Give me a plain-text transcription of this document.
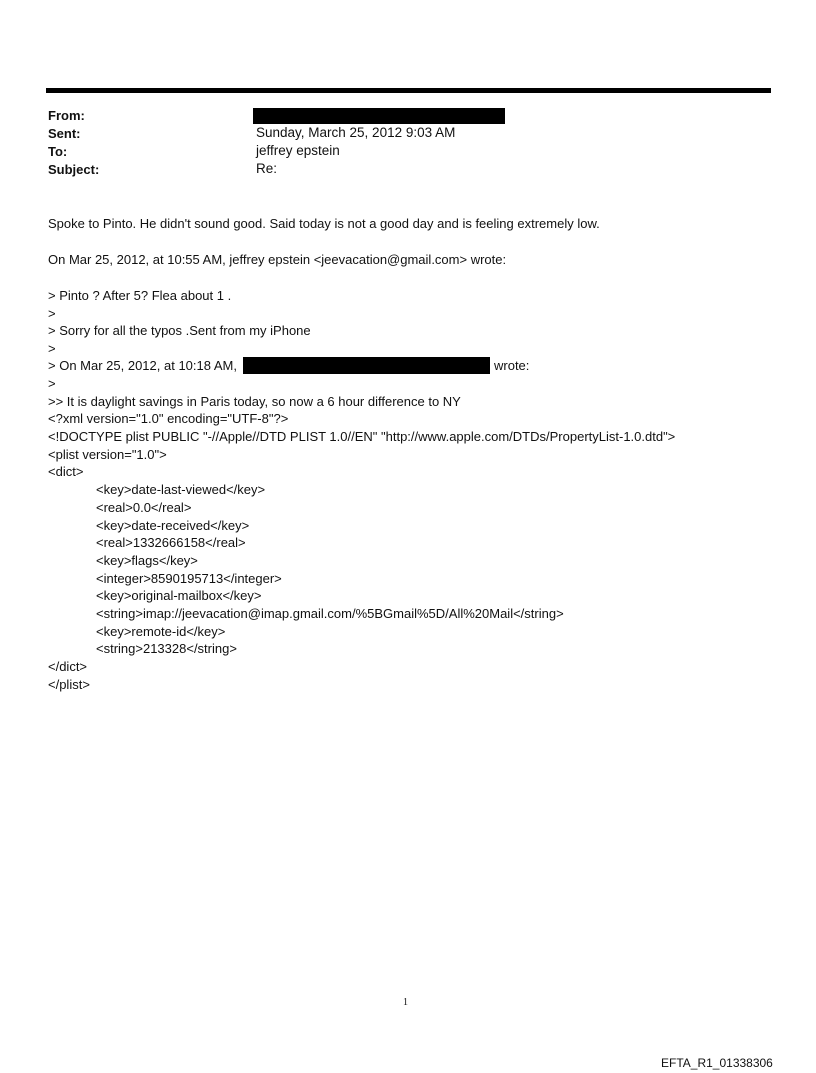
From:
Sent:	Sunday, March 25, 2012 9:03 AM
To:	jeffrey epstein
Subject:	Re:
Spoke to Pinto. He didn't sound good. Said today is not a good day and is feeling extremely low.
On Mar 25, 2012, at 10:55 AM, jeffrey epstein <jeevacation@gmail.com> wrote:
> Pinto ? After 5? Flea about 1 .
>
> Sorry for all the typos .Sent from my iPhone
>
> On Mar 25, 2012, at 10:18 AM,	wrote:
>
>> It is daylight savings in Paris today, so now a 6 hour difference to NY
<?xml version="1.0" encoding="UTF-8"?>
<!DOCTYPE plist PUBLIC "-//Apple//DTD PLIST 1.0//EN" "http://www.apple.com/DTDs/PropertyList-1.0.dtd">
<plist version="1.0">
<dict>
<key>date-last-viewed</key>
<real>0.0</real>
<key>date-received</key>
<real>1332666158</real>
<key>flags</key>
<integer>8590195713</integer>
<key>original-mailbox</key>
<string>imap://jeevacation@imap.gmail.com/%5BGmail%5D/All%20Mail</string>
<key>remote-id</key>
<string>213328</string>
</dict>
</plist>
1
EFTA_R1_01338306
